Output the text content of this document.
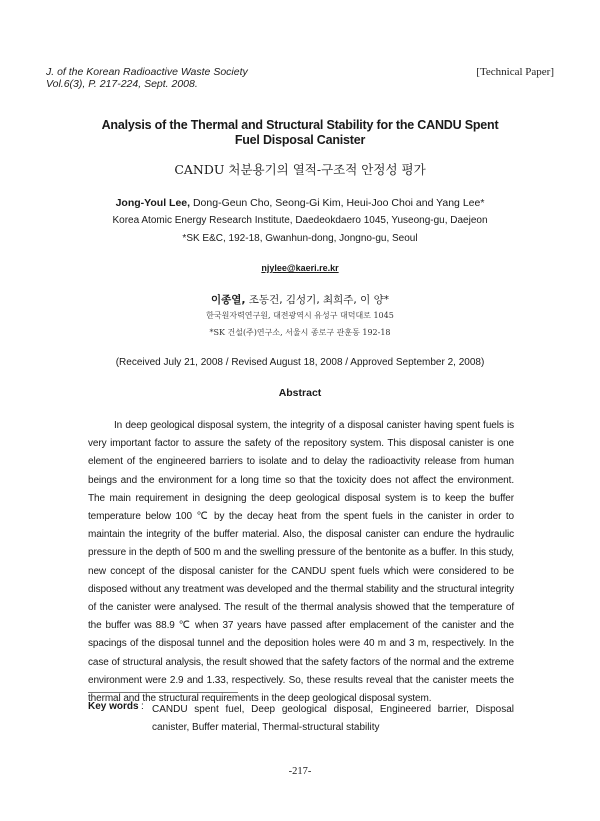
J. of the Korean Radioactive Waste Society
Vol.6(3), P. 217-224, Sept. 2008.
[Technical Paper]
Analysis of the Thermal and Structural Stability for the CANDU Spent
Fuel Disposal Canister
CANDU 처분용기의 열적-구조적 안정성 평가
Jong-Youl Lee, Dong-Geun Cho, Seong-Gi Kim, Heui-Joo Choi and Yang Lee*
Korea Atomic Energy Research Institute, Daedeokdaero 1045, Yuseong-gu, Daejeon
*SK E&C, 192-18, Gwanhun-dong, Jongno-gu, Seoul
njylee@kaeri.re.kr
이종열, 조동건, 김성기, 최희주, 이 양*
한국원자력연구원, 대전광역시 유성구 대덕대로 1045
*SK 건설(주)연구소, 서울시 종로구 관훈동 192-18
(Received July 21, 2008 / Revised August 18, 2008 / Approved September 2, 2008)
Abstract
In deep geological disposal system, the integrity of a disposal canister having spent fuels is very important factor to assure the safety of the repository system. This disposal canister is one element of the engineered barriers to isolate and to delay the radioactivity release from human beings and the environment for a long time so that the toxicity does not affect the environment. The main requirement in designing the deep geological disposal system is to keep the buffer temperature below 100 ℃ by the decay heat from the spent fuels in the canister in order to maintain the integrity of the buffer material. Also, the disposal canister can endure the hydraulic pressure in the depth of 500 m and the swelling pressure of the bentonite as a buffer. In this study, new concept of the disposal canister for the CANDU spent fuels which were considered to be disposed without any treatment was developed and the thermal stability and the structural integrity of the canister were analysed. The result of the thermal analysis showed that the temperature of the buffer was 88.9 ℃ when 37 years have passed after emplacement of the canister and the spacings of the disposal tunnel and the deposition holes were 40 m and 3 m, respectively. In the case of structural analysis, the result showed that the safety factors of the normal and the extreme environment were 2.9 and 1.33, respectively. So, these results reveal that the canister meets the thermal and the structural requirements in the deep geological disposal system.
Key words : CANDU spent fuel, Deep geological disposal, Engineered barrier, Disposal canister, Buffer material, Thermal-structural stability
-217-
